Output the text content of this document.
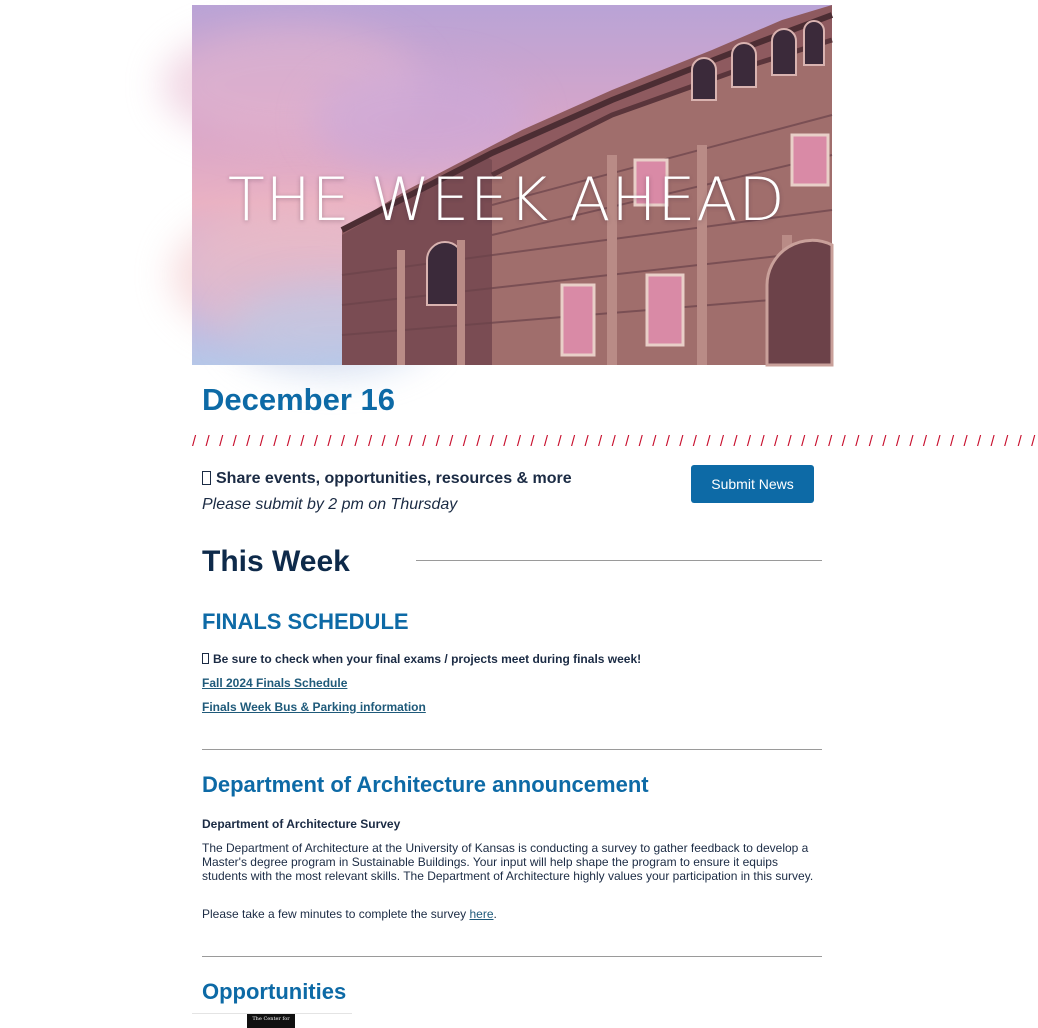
THE WEEK AHEAD
December 16
/ / / / / / / / / / / / / / / / / / / / / / / / / / / / / / / / / / / / / / / / / / / / / / / / / / / / / / / / / / / / / / /
Share events, opportunities, resources & more
Please submit by 2 pm on Thursday
Submit News
This Week
FINALS SCHEDULE
Be sure to check when your final exams / projects meet during finals week!
Fall 2024 Finals Schedule
Finals Week Bus & Parking information
Department of Architecture announcement
Department of Architecture Survey
The Department of Architecture at the University of Kansas is conducting a survey to gather feedback to develop a Master's degree program in Sustainable Buildings. Your input will help shape the program to ensure it equips students with the most relevant skills. The Department of Architecture highly values your participation in this survey.
Please take a few minutes to complete the survey here.
Opportunities
The Center for
